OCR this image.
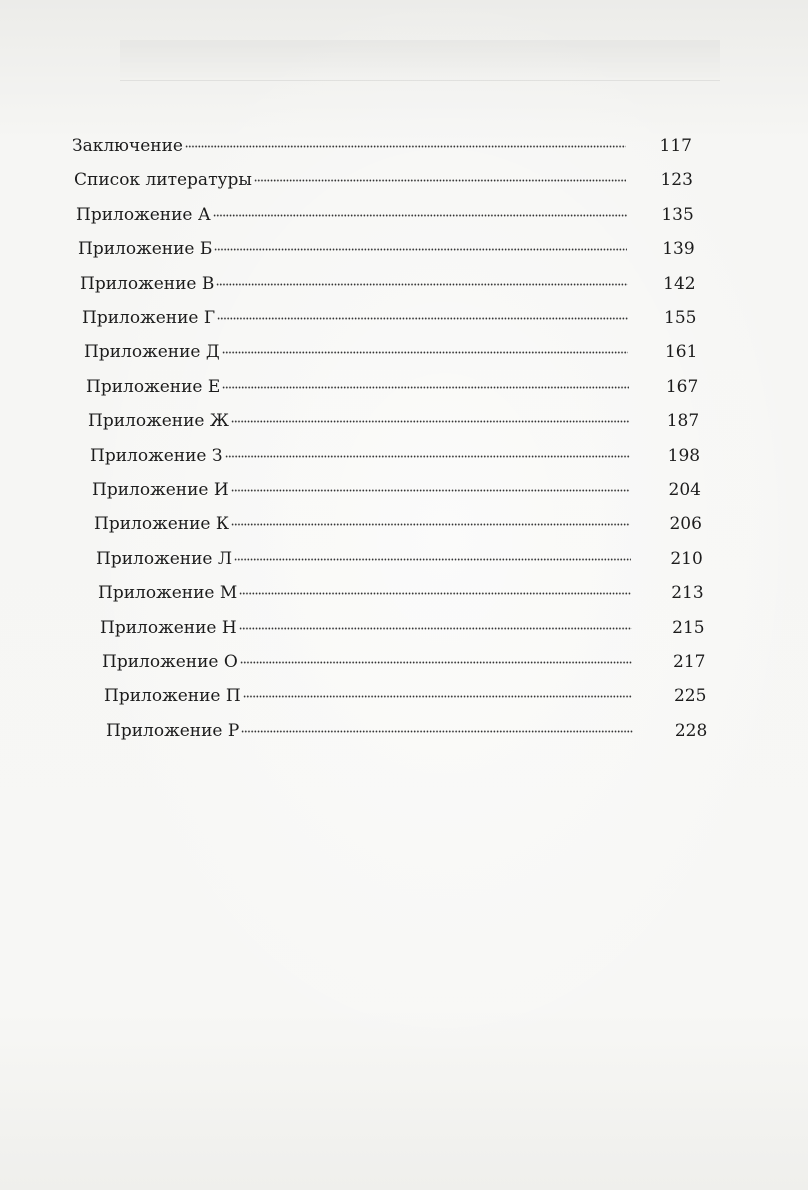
Заключение	117
Список литературы	123
Приложение А	135
Приложение Б	139
Приложение В	142
Приложение Г	155
Приложение Д	161
Приложение Е	167
Приложение Ж	187
Приложение З	198
Приложение И	204
Приложение К	206
Приложение Л	210
Приложение М	213
Приложение Н	215
Приложение О	217
Приложение П	225
Приложение Р	228
